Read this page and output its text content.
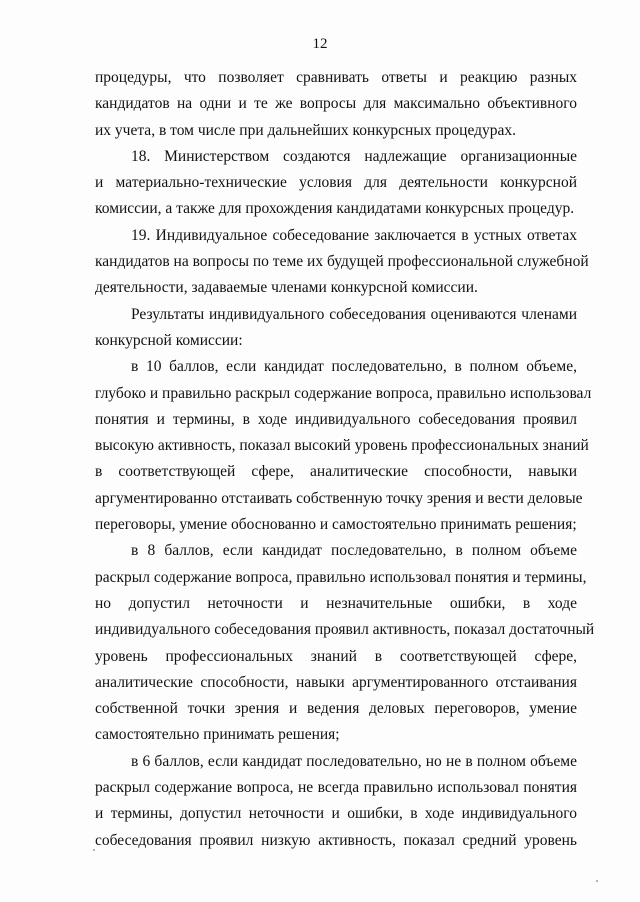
12
процедуры, что позволяет сравнивать ответы и реакцию разных
кандидатов на одни и те же вопросы для максимально объективного
их учета, в том числе при дальнейших конкурсных процедурах.
18. Министерством создаются надлежащие организационные
и материально-технические условия для деятельности конкурсной
комиссии, а также для прохождения кандидатами конкурсных процедур.
19. Индивидуальное собеседование заключается в устных ответах
кандидатов на вопросы по теме их будущей профессиональной служебной
деятельности, задаваемые членами конкурсной комиссии.
Результаты индивидуального собеседования оцениваются членами
конкурсной комиссии:
в 10 баллов, если кандидат последовательно, в полном объеме,
глубоко и правильно раскрыл содержание вопроса, правильно использовал
понятия и термины, в ходе индивидуального собеседования проявил
высокую активность, показал высокий уровень профессиональных знаний
в соответствующей сфере, аналитические способности, навыки
аргументированно отстаивать собственную точку зрения и вести деловые
переговоры, умение обоснованно и самостоятельно принимать решения;
в 8 баллов, если кандидат последовательно, в полном объеме
раскрыл содержание вопроса, правильно использовал понятия и термины,
но допустил неточности и незначительные ошибки, в ходе
индивидуального собеседования проявил активность, показал достаточный
уровень профессиональных знаний в соответствующей сфере,
аналитические способности, навыки аргументированного отстаивания
собственной точки зрения и ведения деловых переговоров, умение
самостоятельно принимать решения;
в 6 баллов, если кандидат последовательно, но не в полном объеме
раскрыл содержание вопроса, не всегда правильно использовал понятия
и термины, допустил неточности и ошибки, в ходе индивидуального
собеседования проявил низкую активность, показал средний уровень
